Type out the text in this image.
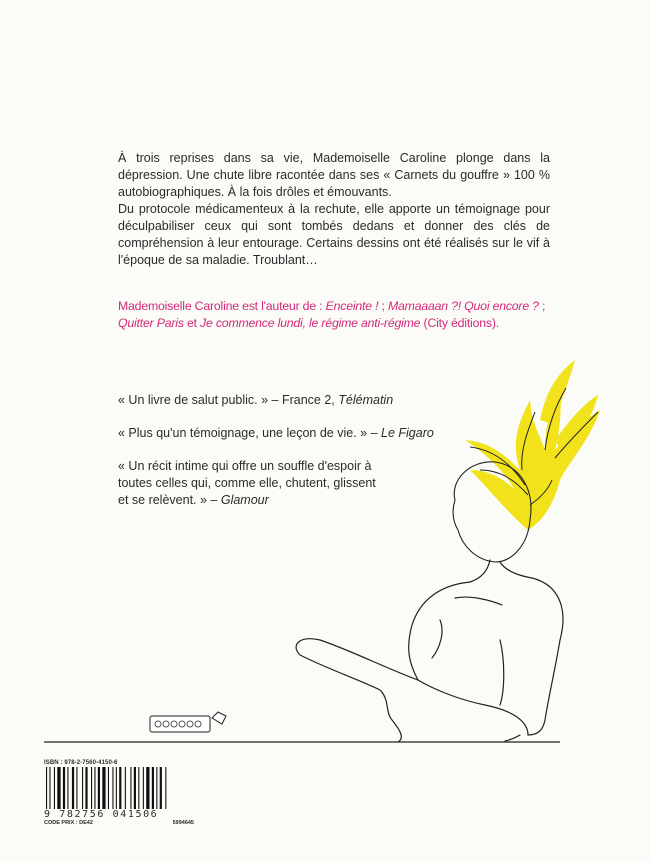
À trois reprises dans sa vie, Mademoiselle Caroline plonge dans la dépression. Une chute libre racontée dans ses « Carnets du gouffre » 100 % autobiographiques. À la fois drôles et émouvants.

Du protocole médicamenteux à la rechute, elle apporte un témoignage pour déculpabiliser ceux qui sont tombés dedans et donner des clés de compréhension à leur entourage. Certains dessins ont été réalisés sur le vif à l'époque de sa maladie. Troublant…

Mademoiselle Caroline est l'auteur de : Enceinte ! ; Mamaaaan ?! Quoi encore ? ; Quitter Paris et Je commence lundi, le régime anti-régime (City éditions).

« Un livre de salut public. » – France 2, Télématin

« Plus qu'un témoignage, une leçon de vie. » – Le Figaro

« Un récit intime qui offre un souffle d'espoir à toutes celles qui, comme elle, chutent, glissent et se relèvent. » – Glamour

ISBN : 978-2-7560-4150-6
9 782756 041506
CODE PRIX : DE42	5994645
